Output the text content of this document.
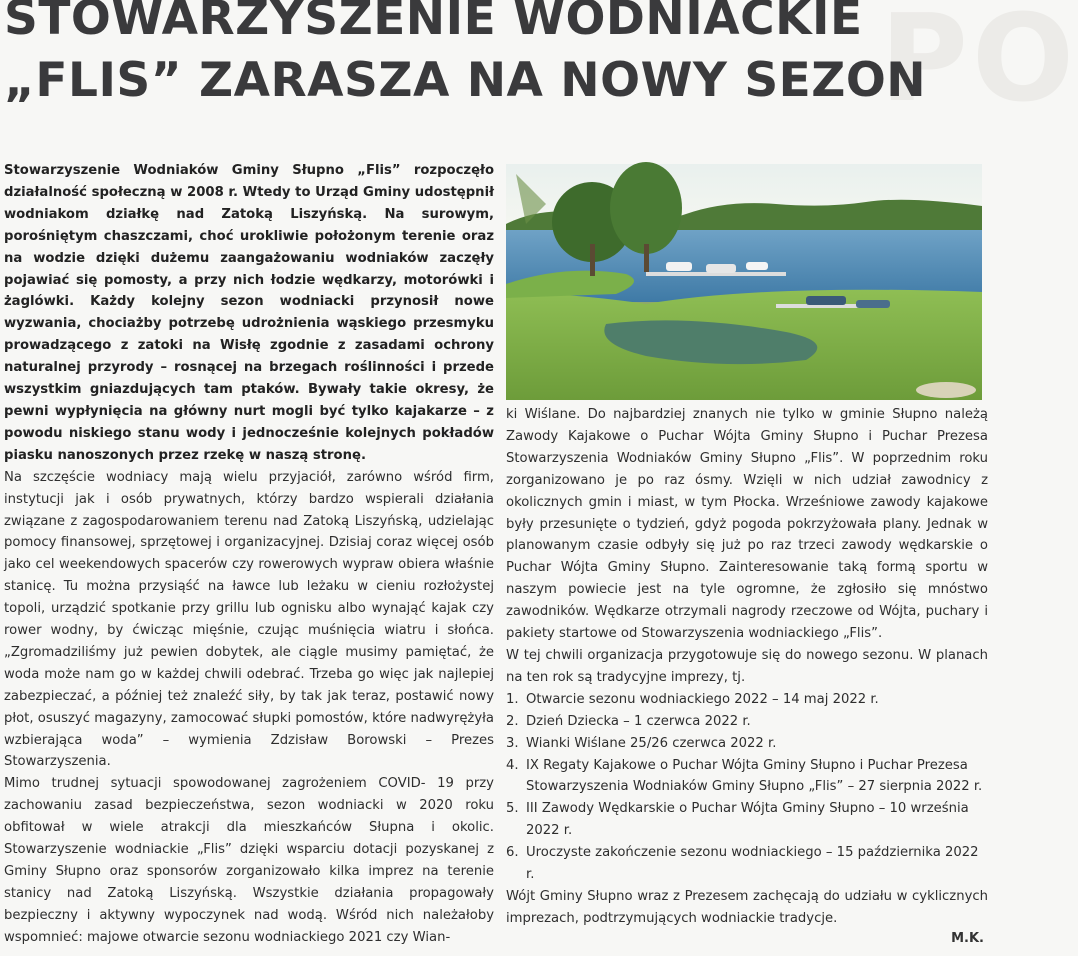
PO
STOWARZYSZENIE WODNIACKIE
„FLIS” ZARASZA NA NOWY SEZON

Stowarzyszenie Wodniaków Gminy Słupno „Flis” rozpoczęło działalność społeczną w 2008 r. Wtedy to Urząd Gminy udostępnił wodniakom działkę nad Zatoką Liszyńską. Na surowym, porośniętym chaszczami, choć urokliwie położonym terenie oraz na wodzie dzięki dużemu zaangażowaniu wodniaków zaczęły pojawiać się pomosty, a przy nich łodzie wędkarzy, motorówki i żaglówki. Każdy kolejny sezon wodniacki przynosił nowe wyzwania, chociażby potrzebę udrożnienia wąskiego przesmyku prowadzącego z zatoki na Wisłę zgodnie z zasadami ochrony naturalnej przyrody – rosnącej na brzegach roślinności i przede wszystkim gniazdujących tam ptaków. Bywały takie okresy, że pewni wypłynięcia na główny nurt mogli być tylko kajakarze – z powodu niskiego stanu wody i jednocześnie kolejnych pokładów piasku nanoszonych przez rzekę w naszą stronę.

Na szczęście wodniacy mają wielu przyjaciół, zarówno wśród firm, instytucji jak i osób prywatnych, którzy bardzo wspierali działania związane z zagospodarowaniem terenu nad Zatoką Liszyńską, udzielając pomocy finansowej, sprzętowej i organizacyjnej. Dzisiaj coraz więcej osób jako cel weekendowych spacerów czy rowerowych wypraw obiera właśnie stanicę. Tu można przysiąść na ławce lub leżaku w cieniu rozłożystej topoli, urządzić spotkanie przy grillu lub ognisku albo wynająć kajak czy rower wodny, by ćwicząc mięśnie, czując muśnięcia wiatru i słońca. „Zgromadziliśmy już pewien dobytek, ale ciągle musimy pamiętać, że woda może nam go w każdej chwili odebrać. Trzeba go więc jak najlepiej zabezpieczać, a później też znaleźć siły, by tak jak teraz, postawić nowy płot, osuszyć magazyny, zamocować słupki pomostów, które nadwyrężyła wzbierająca woda” – wymienia Zdzisław Borowski – Prezes Stowarzyszenia.

Mimo trudnej sytuacji spowodowanej zagrożeniem COVID- 19 przy zachowaniu zasad bezpieczeństwa, sezon wodniacki w 2020 roku obfitował w wiele atrakcji dla mieszkańców Słupna i okolic. Stowarzyszenie wodniackie „Flis” dzięki wsparciu dotacji pozyskanej z Gminy Słupno oraz sponsorów zorganizowało kilka imprez na terenie stanicy nad Zatoką Liszyńską. Wszystkie działania propagowały bezpieczny i aktywny wypoczynek nad wodą. Wśród nich należałoby wspomnieć: majowe otwarcie sezonu wodniackiego 2021 czy Wian-

ki Wiślane. Do najbardziej znanych nie tylko w gminie Słupno należą Zawody Kajakowe o Puchar Wójta Gminy Słupno i Puchar Prezesa Stowarzyszenia Wodniaków Gminy Słupno „Flis”. W poprzednim roku zorganizowano je po raz ósmy. Wzięli w nich udział zawodnicy z okolicznych gmin i miast, w tym Płocka. Wrześniowe zawody kajakowe były przesunięte o tydzień, gdyż pogoda pokrzyżowała plany. Jednak w planowanym czasie odbyły się już po raz trzeci zawody wędkarskie o Puchar Wójta Gminy Słupno. Zainteresowanie taką formą sportu w naszym powiecie jest na tyle ogromne, że zgłosiło się mnóstwo zawodników. Wędkarze otrzymali nagrody rzeczowe od Wójta, puchary i pakiety startowe od Stowarzyszenia wodniackiego „Flis”.

W tej chwili organizacja przygotowuje się do nowego sezonu. W planach na ten rok są tradycyjne imprezy, tj.

1. Otwarcie sezonu wodniackiego 2022 – 14 maj 2022 r.
2. Dzień Dziecka – 1 czerwca 2022 r.
3. Wianki Wiślane 25/26 czerwca 2022 r.
4. IX Regaty Kajakowe o Puchar Wójta Gminy Słupno i Puchar Prezesa Stowarzyszenia Wodniaków Gminy Słupno „Flis” – 27 sierpnia 2022 r.
5. III Zawody Wędkarskie o Puchar Wójta Gminy Słupno – 10 września 2022 r.
6. Uroczyste zakończenie sezonu wodniackiego – 15 października 2022 r.

Wójt Gminy Słupno wraz z Prezesem zachęcają do udziału w cyklicznych imprezach, podtrzymujących wodniackie tradycje.

M.K.
